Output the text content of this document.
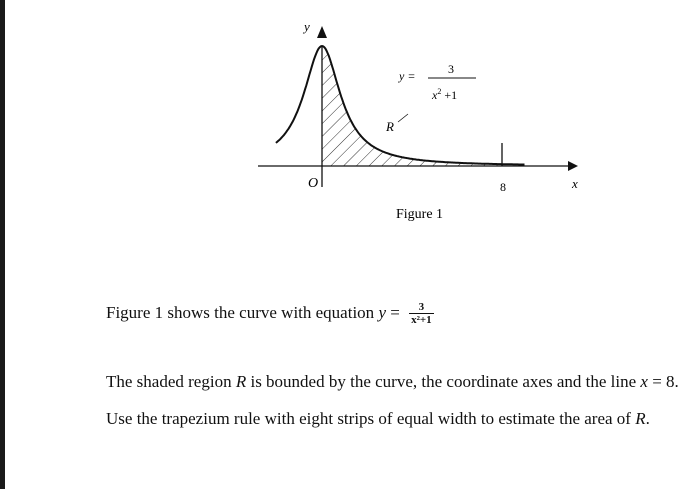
y
x
O
R
8
y =	3
$x^2 +1$
Figure 1
Figure 1 shows the curve with equation $y = \frac{3}{\text{x²+1}}$
The shaded region R is bounded by the curve, the coordinate axes and the line x = 8.
Use the trapezium rule with eight strips of equal width to estimate the area of R.
